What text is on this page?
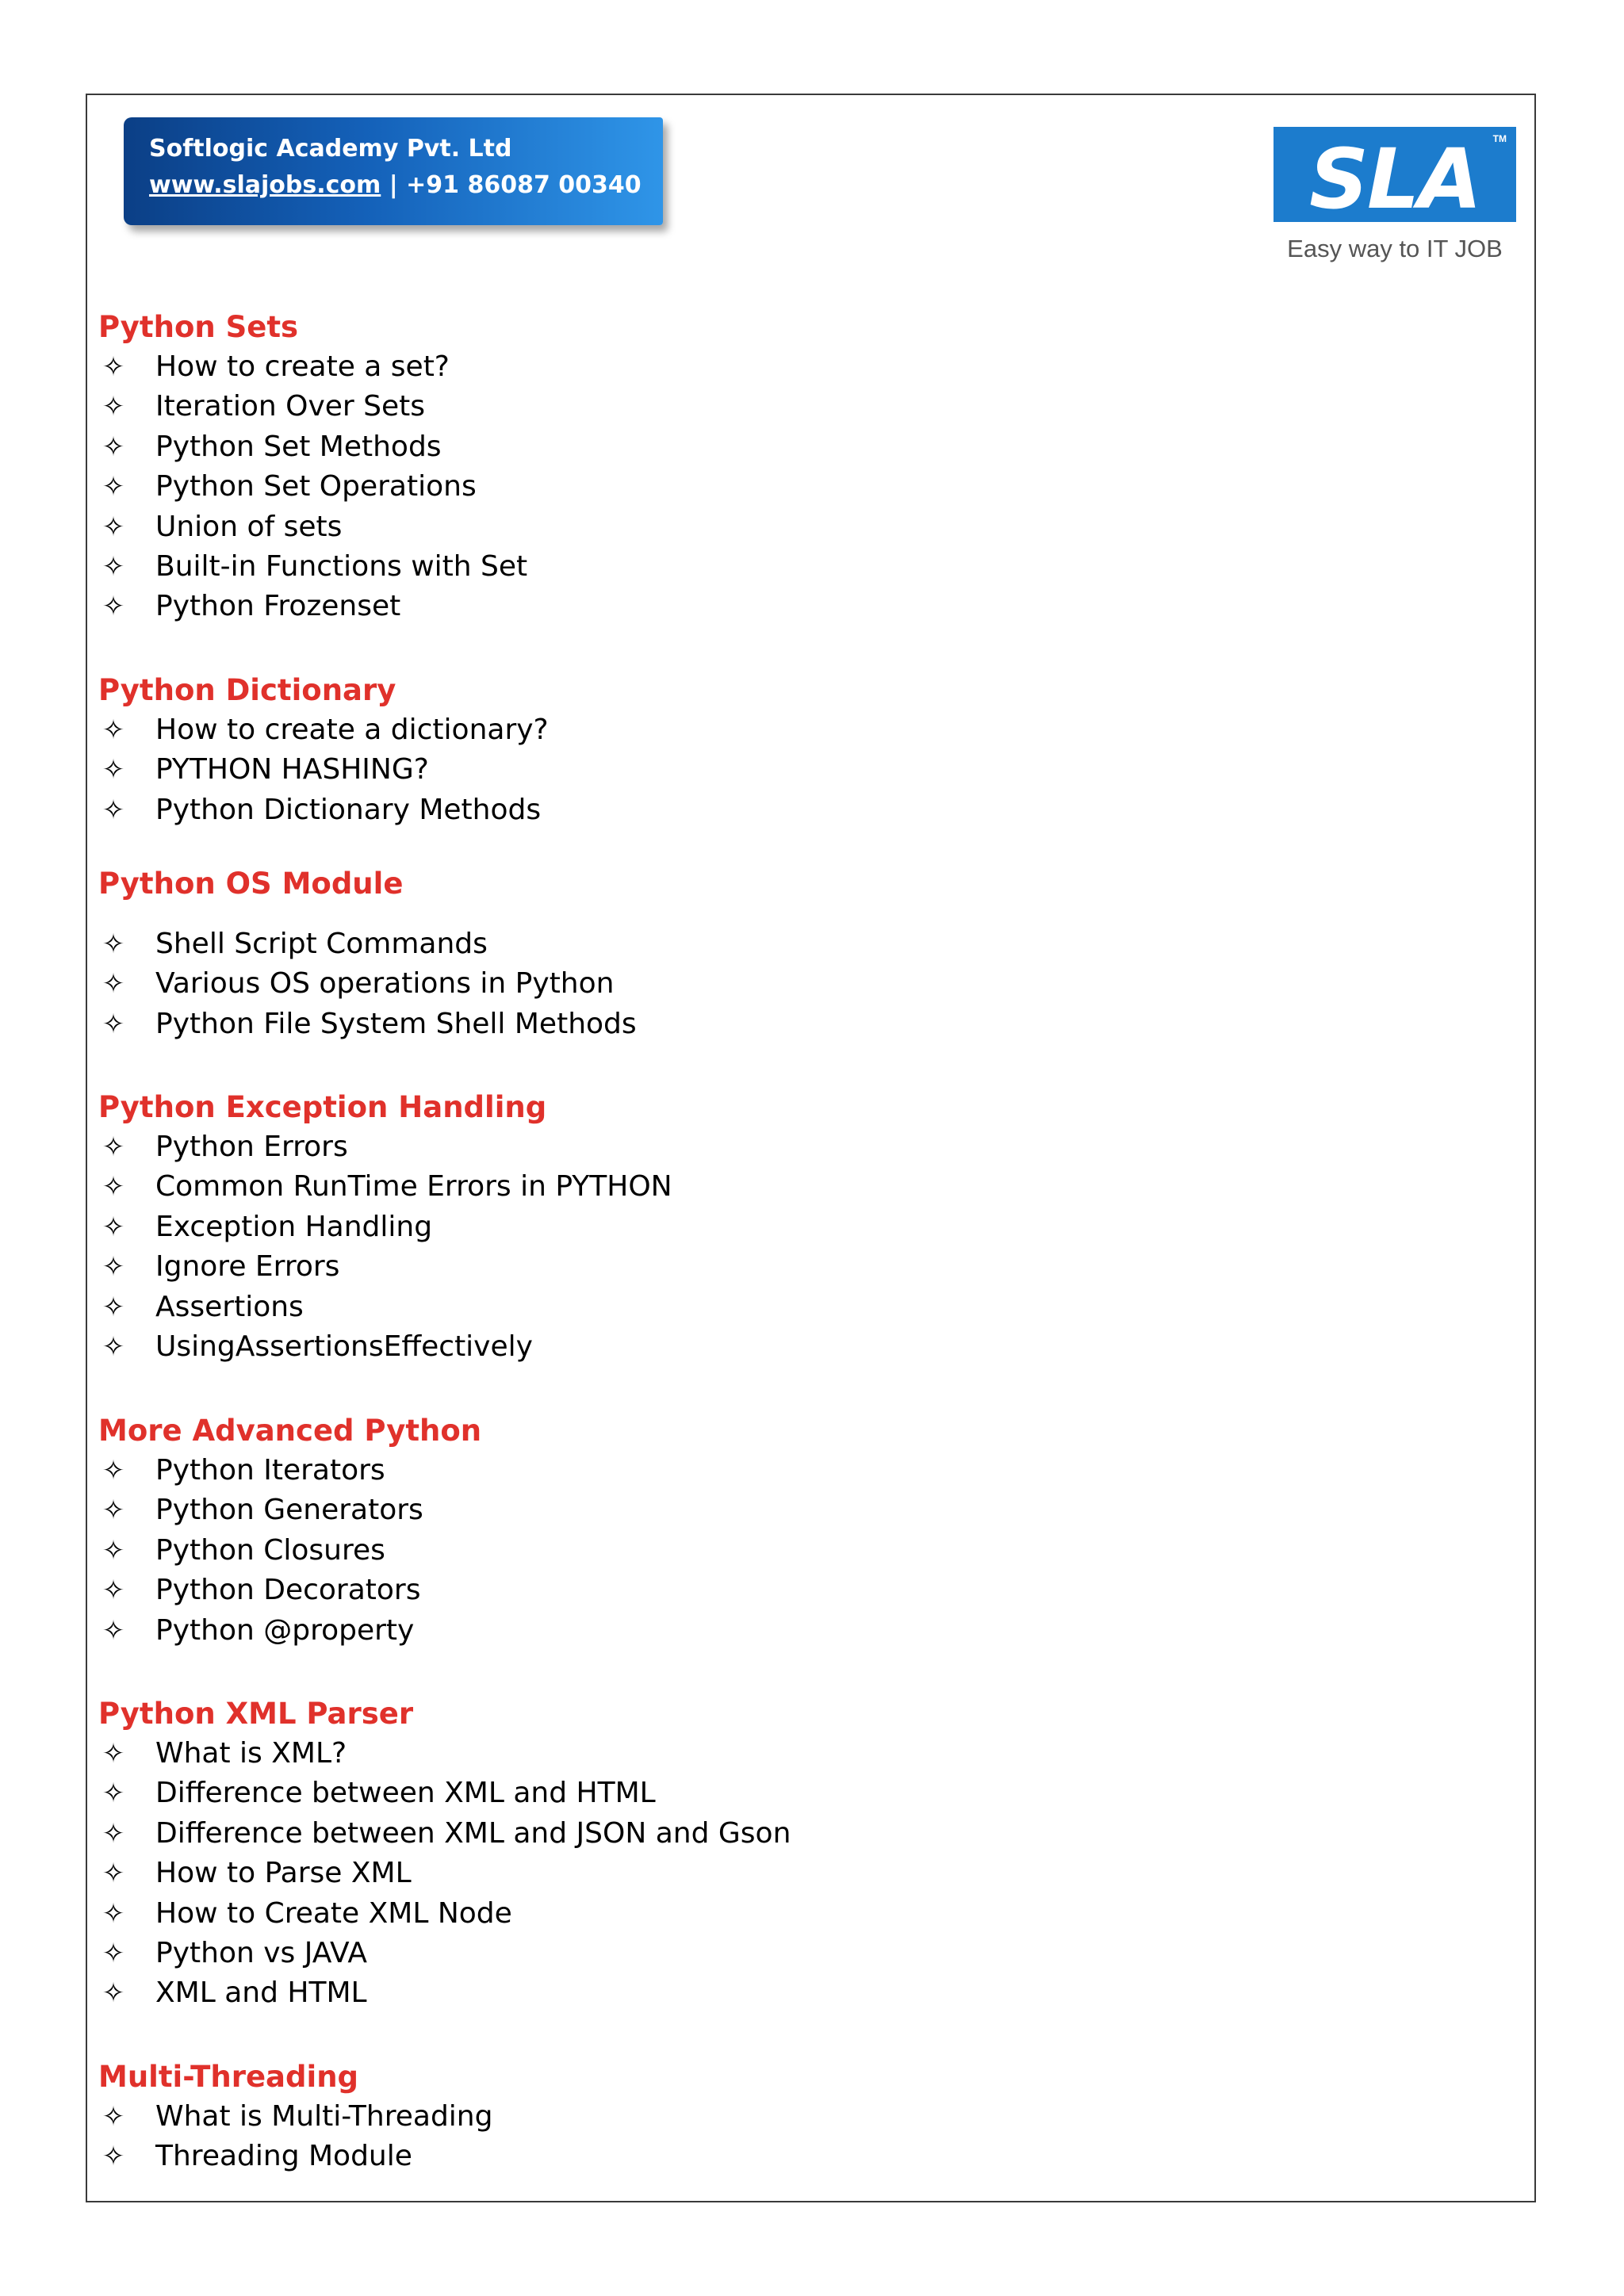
Softlogic Academy Pvt. Ltd
www.slajobs.com | +91 86087 00340	SLA	TM
Easy way to IT JOB
Python Sets
✧ How to create a set?
✧ Iteration Over Sets
✧ Python Set Methods
✧ Python Set Operations
✧ Union of sets
✧ Built-in Functions with Set
✧ Python Frozenset
Python Dictionary
✧ How to create a dictionary?
✧ PYTHON HASHING?
✧ Python Dictionary Methods
Python OS Module
✧ Shell Script Commands
✧ Various OS operations in Python
✧ Python File System Shell Methods
Python Exception Handling
✧ Python Errors
✧ Common RunTime Errors in PYTHON
✧ Exception Handling
✧ Ignore Errors
✧ Assertions
✧ UsingAssertionsEffectively
More Advanced Python
✧ Python Iterators
✧ Python Generators
✧ Python Closures
✧ Python Decorators
✧ Python @property
Python XML Parser
✧ What is XML?
✧ Difference between XML and HTML
✧ Difference between XML and JSON and Gson
✧ How to Parse XML
✧ How to Create XML Node
✧ Python vs JAVA
✧ XML and HTML
Multi-Threading
✧ What is Multi-Threading
✧ Threading Module
